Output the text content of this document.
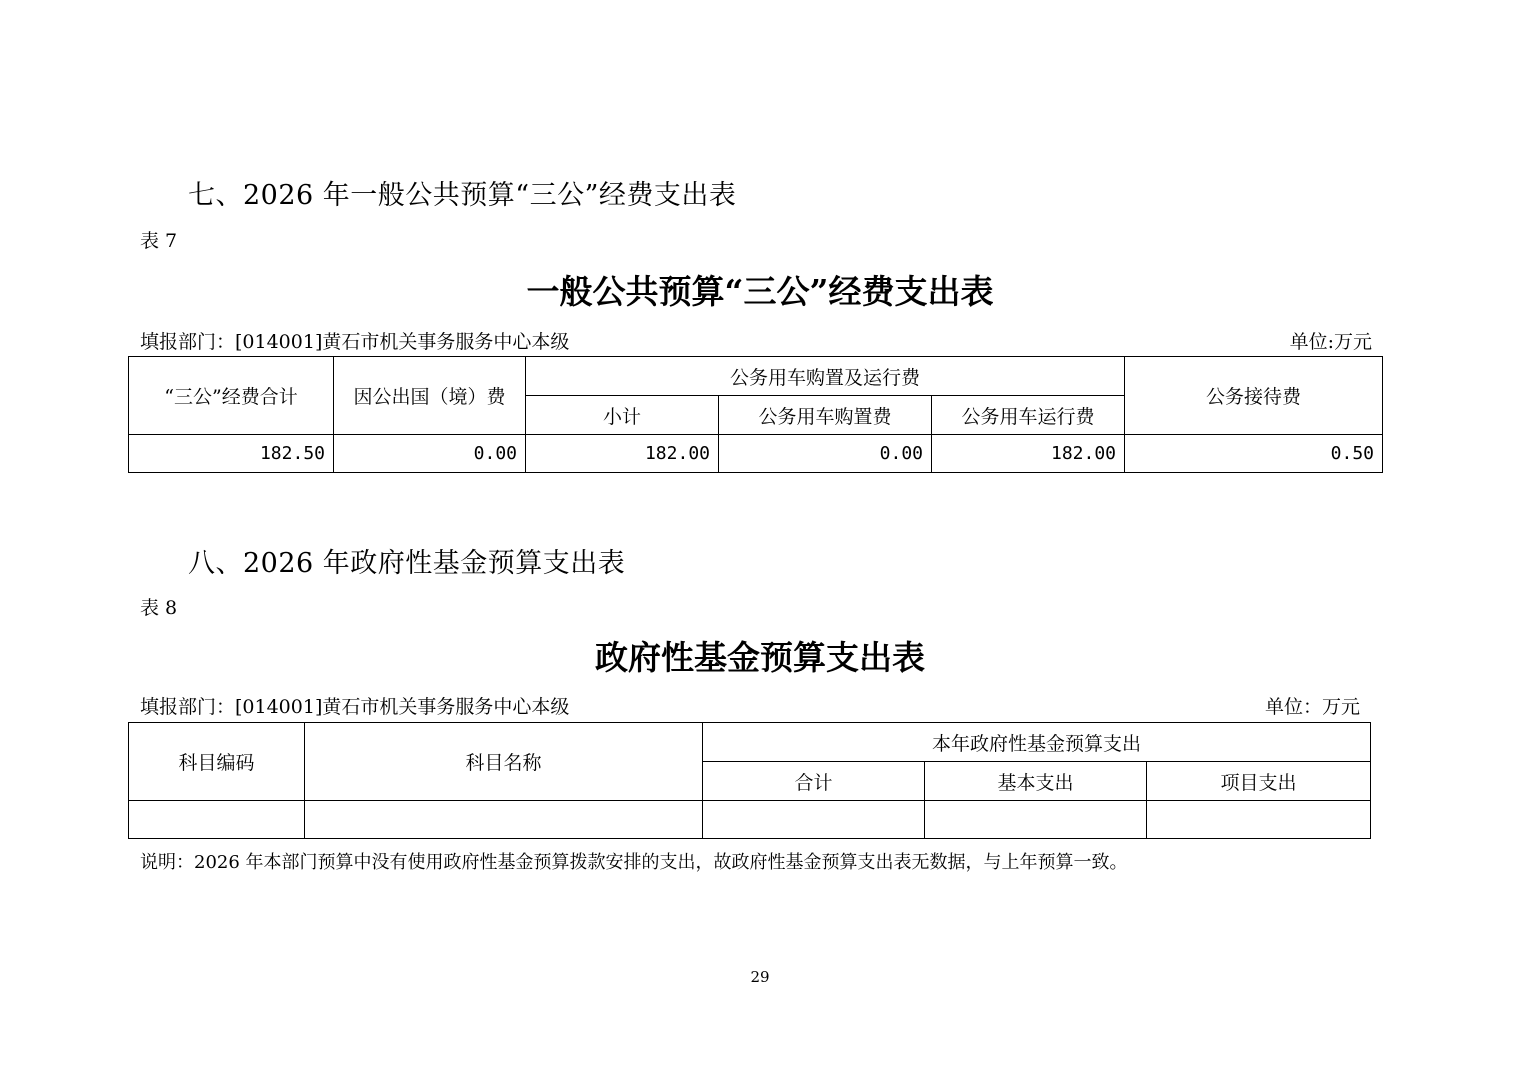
七、2026 年一般公共预算“三公”经费支出表
表 7
一般公共预算“三公”经费支出表
填报部门：[014001]黄石市机关事务服务中心本级	单位:万元
“三公”经费合计	因公出国（境）费	公务用车购置及运行费			公务接待费
		小计	公务用车购置费	公务用车运行费	
182.50	0.00	182.00	0.00	182.00	0.50
八、2026 年政府性基金预算支出表
表 8
政府性基金预算支出表
填报部门：[014001]黄石市机关事务服务中心本级	单位：万元
科目编码	科目名称	本年政府性基金预算支出		
		合计	基本支出	项目支出

说明：2026 年本部门预算中没有使用政府性基金预算拨款安排的支出，故政府性基金预算支出表无数据，与上年预算一致。
29
